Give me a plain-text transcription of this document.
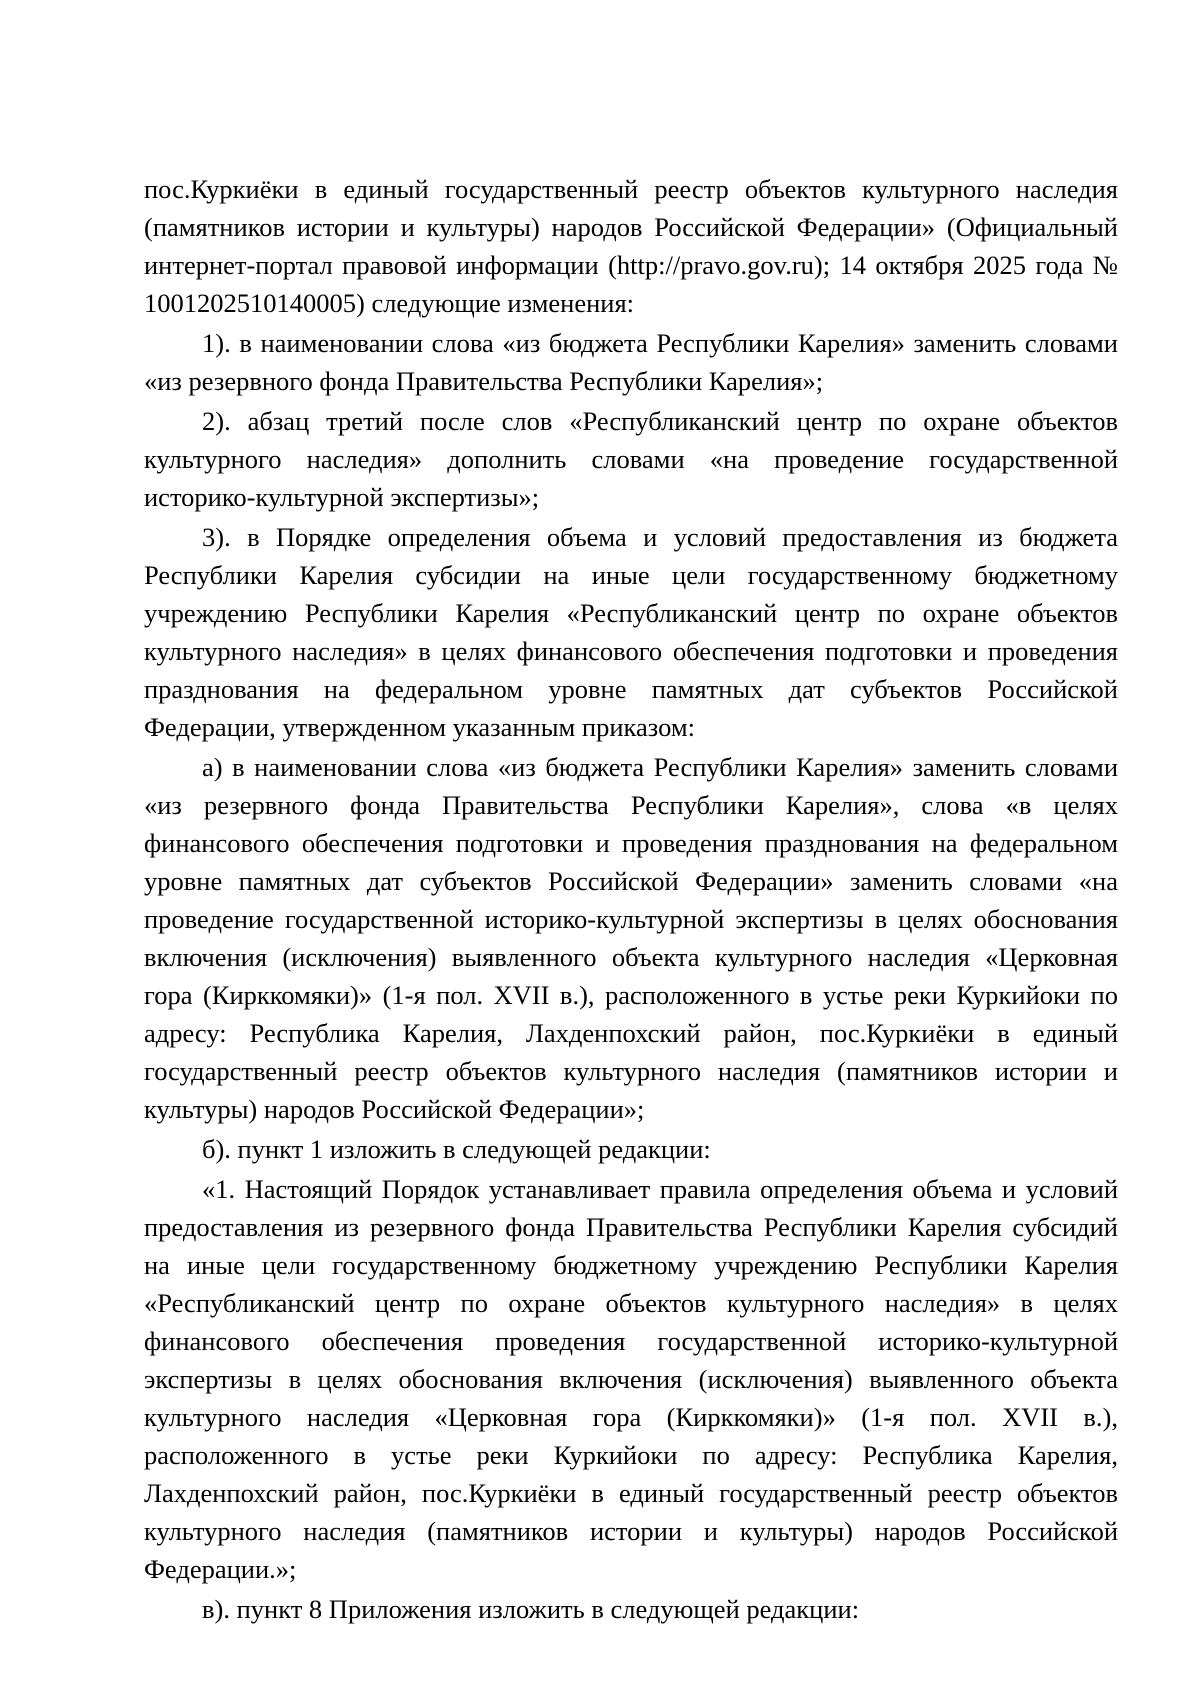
пос.Куркиёки в единый государственный реестр объектов культурного наследия (памятников истории и культуры) народов Российской Федерации» (Официальный интернет-портал правовой информации (http://pravo.gov.ru); 14 октября 2025 года № 1001202510140005) следующие изменения:

1). в наименовании слова «из бюджета Республики Карелия» заменить словами «из резервного фонда Правительства Республики Карелия»;

2). абзац третий после слов «Республиканский центр по охране объектов культурного наследия» дополнить словами «на проведение государственной историко-культурной экспертизы»;

3). в Порядке определения объема и условий предоставления из бюджета Республики Карелия субсидии на иные цели государственному бюджетному учреждению Республики Карелия «Республиканский центр по охране объектов культурного наследия» в целях финансового обеспечения подготовки и проведения празднования на федеральном уровне памятных дат субъектов Российской Федерации, утвержденном указанным приказом:

а) в наименовании слова «из бюджета Республики Карелия» заменить словами «из резервного фонда Правительства Республики Карелия», слова «в целях финансового обеспечения подготовки и проведения празднования на федеральном уровне памятных дат субъектов Российской Федерации» заменить словами «на проведение государственной историко-культурной экспертизы в целях обоснования включения (исключения) выявленного объекта культурного наследия «Церковная гора (Кирккомяки)» (1-я пол. XVII в.), расположенного в устье реки Куркийоки по адресу: Республика Карелия, Лахденпохский район, пос.Куркиёки в единый государственный реестр объектов культурного наследия (памятников истории и культуры) народов Российской Федерации»;

б). пункт 1 изложить в следующей редакции:

«1. Настоящий Порядок устанавливает правила определения объема и условий предоставления из резервного фонда Правительства Республики Карелия субсидий на иные цели государственному бюджетному учреждению Республики Карелия «Республиканский центр по охране объектов культурного наследия» в целях финансового обеспечения проведения государственной историко-культурной экспертизы в целях обоснования включения (исключения) выявленного объекта культурного наследия «Церковная гора (Кирккомяки)» (1-я пол. XVII в.), расположенного в устье реки Куркийоки по адресу: Республика Карелия, Лахденпохский район, пос.Куркиёки в единый государственный реестр объектов культурного наследия (памятников истории и культуры) народов Российской Федерации.»;

в). пункт 8 Приложения изложить в следующей редакции:
